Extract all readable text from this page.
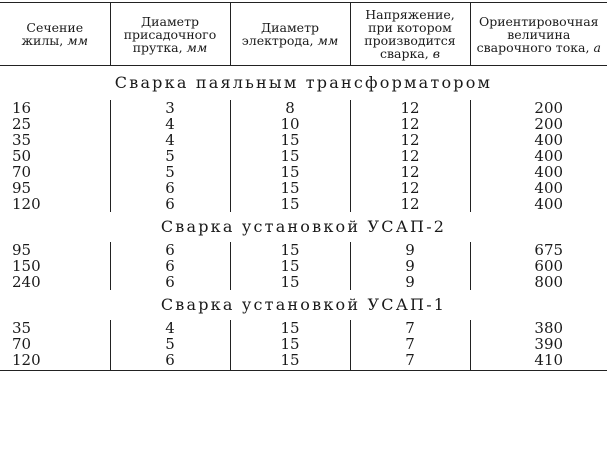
Сечение жилы, мм	Диаметр присадочного прутка, мм	Диаметр электрода, мм	Напряжение, при котором производится сварка, в	Ориентировочная величина сварочного тока, а
Сварка паяльным трансформатором				
16	3	8	12	200
25	4	10	12	200
35	4	15	12	400
50	5	15	12	400
70	5	15	12	400
95	6	15	12	400
120	6	15	12	400
Сварка установкой УСАП-2				
95	6	15	9	675
150	6	15	9	600
240	6	15	9	800
Сварка установкой УСАП-1				
35	4	15	7	380
70	5	15	7	390
120	6	15	7	410
